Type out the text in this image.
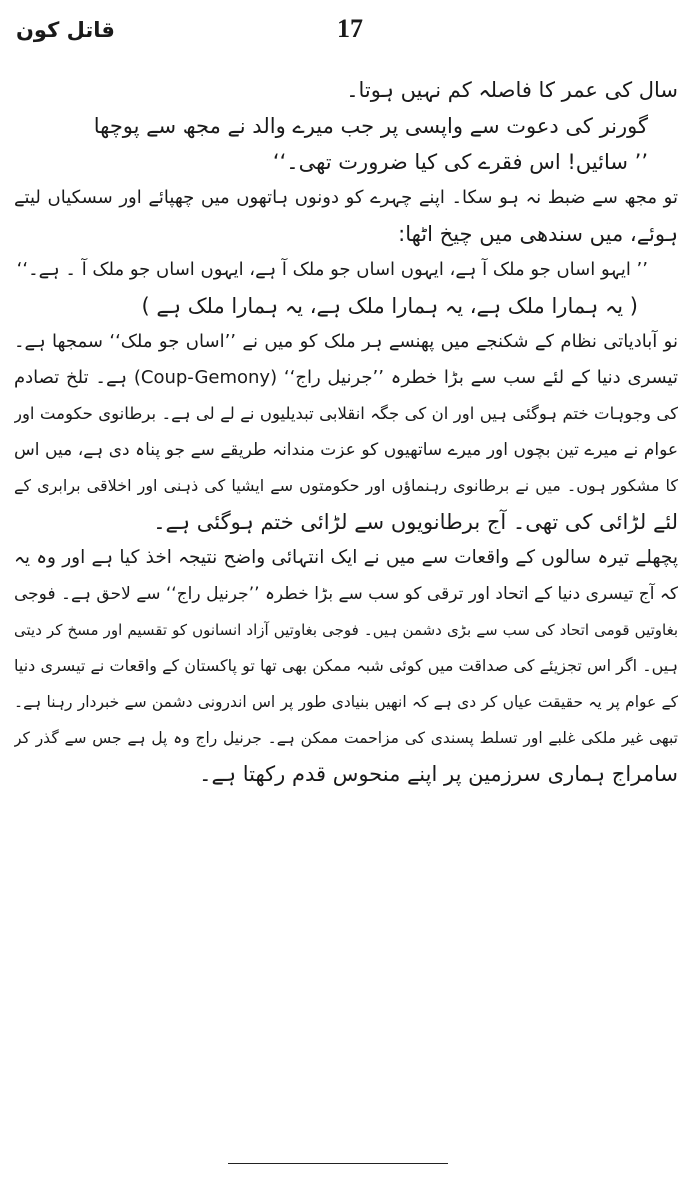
17
قاتل کون
سال کی عمر کا فاصلہ کم نہیں ہوتا۔
گورنر کی دعوت سے واپسی پر جب میرے والد نے مجھ سے پوچھا
’’ سائیں! اس فقرے کی کیا ضرورت تھی۔‘‘
تو مجھ سے ضبط نہ ہو سکا۔ اپنے چہرے کو دونوں ہاتھوں میں چھپائے اور سسکیاں لیتے
ہوئے، میں سندھی میں چیخ اٹھا:
’’ ایہو اساں جو ملک آ ہے، ایہوں اساں جو ملک آ ہے، ایہوں اساں جو ملک آ ۔ ہے۔‘‘
( یہ ہمارا ملک ہے، یہ ہمارا ملک ہے، یہ ہمارا ملک ہے )
نو آبادیاتی نظام کے شکنجے میں پھنسے ہر ملک کو میں نے ’’اساں جو ملک‘‘ سمجھا ہے۔
تیسری دنیا کے لئے سب سے بڑا خطرہ ’’جرنیل راج‘‘ (Coup-Gemony) ہے۔ تلخ تصادم
کی وجوہات ختم ہوگئی ہیں اور ان کی جگہ انقلابی تبدیلیوں نے لے لی ہے۔ برطانوی حکومت اور
عوام نے میرے تین بچوں اور میرے ساتھیوں کو عزت مندانہ طریقے سے جو پناہ دی ہے، میں اس
کا مشکور ہوں۔ میں نے برطانوی رہنماؤں اور حکومتوں سے ایشیا کی ذہنی اور اخلاقی برابری کے
لئے لڑائی کی تھی۔ آج برطانویوں سے لڑائی ختم ہوگئی ہے۔
پچھلے تیرہ سالوں کے واقعات سے میں نے ایک انتہائی واضح نتیجہ اخذ کیا ہے اور وہ یہ
کہ آج تیسری دنیا کے اتحاد اور ترقی کو سب سے بڑا خطرہ ’’جرنیل راج‘‘ سے لاحق ہے۔ فوجی
بغاوتیں قومی اتحاد کی سب سے بڑی دشمن ہیں۔ فوجی بغاوتیں آزاد انسانوں کو تقسیم اور مسخ کر دیتی
ہیں۔ اگر اس تجزیئے کی صداقت میں کوئی شبہ ممکن بھی تھا تو پاکستان کے واقعات نے تیسری دنیا
کے عوام پر یہ حقیقت عیاں کر دی ہے کہ انھیں بنیادی طور پر اس اندرونی دشمن سے خبردار رہنا ہے۔
تبھی غیر ملکی غلبے اور تسلط پسندی کی مزاحمت ممکن ہے۔ جرنیل راج وہ پل ہے جس سے گذر کر
سامراج ہماری سرزمین پر اپنے منحوس قدم رکھتا ہے۔
